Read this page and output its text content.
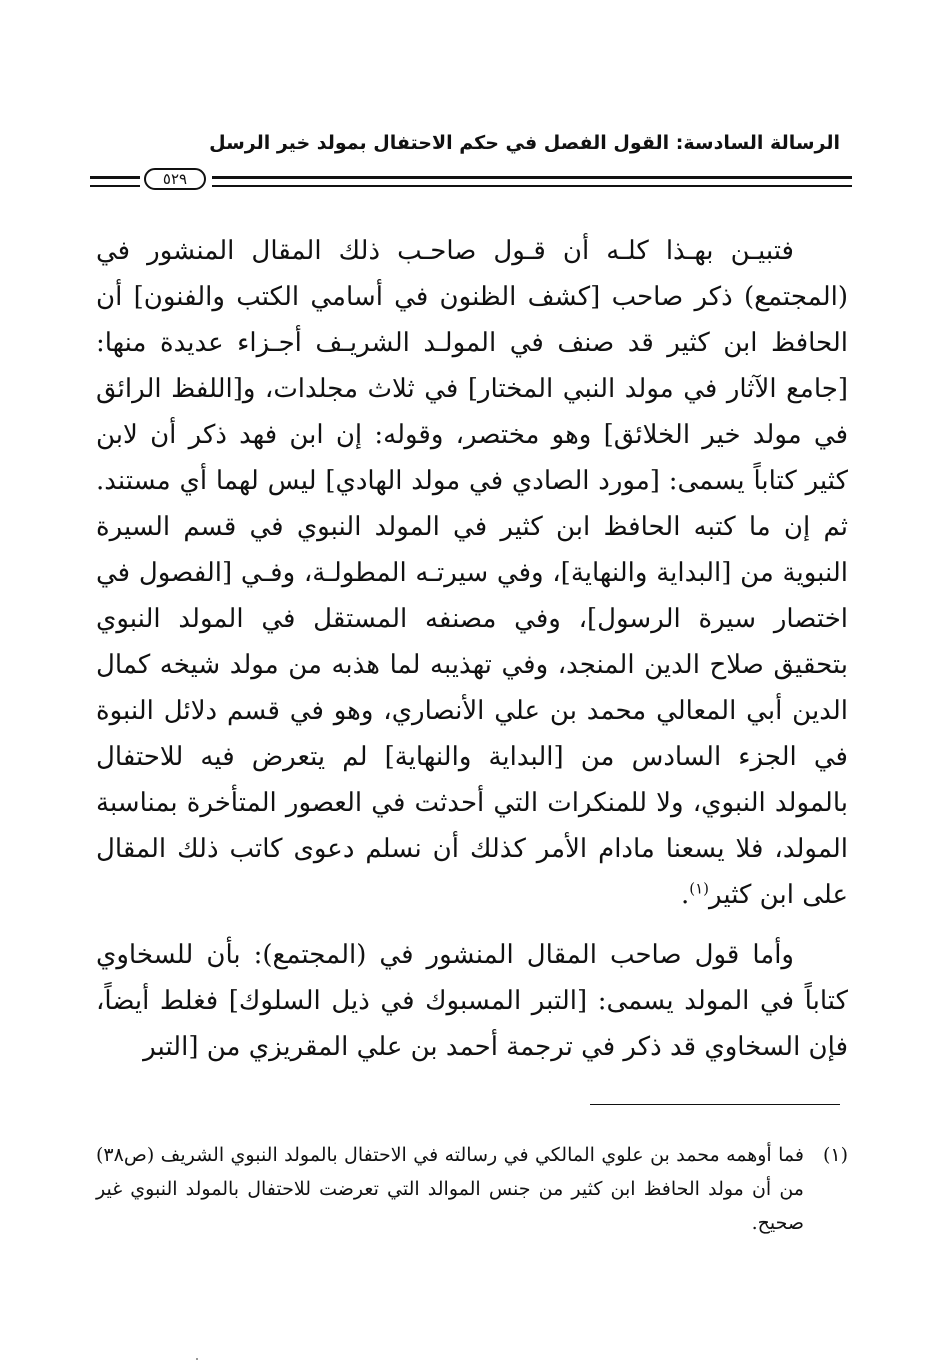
الرسالة السادسة: القول الفصل في حكم الاحتفال بمولد خير الرسل
٥٢٩

فتبيـن بهـذا كلـه أن قـول صاحـب ذلك المقال المنشور في (المجتمع) ذكر صاحب [كشف الظنون في أسامي الكتب والفنون] أن الحافظ ابن كثير قد صنف في المولـد الشريـف أجـزاء عديدة منها: [جامع الآثار في مولد النبي المختار] في ثلاث مجلدات، و[اللفظ الرائق في مولد خير الخلائق] وهو مختصر، وقوله: إن ابن فهد ذكر أن لابن كثير كتاباً يسمى: [مورد الصادي في مولد الهادي] ليس لهما أي مستند. ثم إن ما كتبه الحافظ ابن كثير في المولد النبوي في قسم السيرة النبوية من [البداية والنهاية]، وفي سيرتـه المطولـة، وفـي [الفصول في اختصار سيرة الرسول]، وفي مصنفه المستقل في المولد النبوي بتحقيق صلاح الدين المنجد، وفي تهذيبه لما هذبه من مولد شيخه كمال الدين أبي المعالي محمد بن علي الأنصاري، وهو في قسم دلائل النبوة في الجزء السادس من [البداية والنهاية] لم يتعرض فيه للاحتفال بالمولد النبوي، ولا للمنكرات التي أحدثت في العصور المتأخرة بمناسبة المولد، فلا يسعنا مادام الأمر كذلك أن نسلم دعوى كاتب ذلك المقال على ابن كثير$^{(١)}$.

وأما قول صاحب المقال المنشور في (المجتمع): بأن للسخاوي كتاباً في المولد يسمى: [التبر المسبوك في ذيل السلوك] فغلط أيضاً، فإن السخاوي قد ذكر في ترجمة أحمد بن علي المقريزي من [التبر

(١)
فما أوهمه محمد بن علوي المالكي في رسالته في الاحتفال بالمولد النبوي الشريف (ص٣٨) من أن مولد الحافظ ابن كثير من جنس الموالد التي تعرضت للاحتفال بالمولد النبوي غير صحيح.
